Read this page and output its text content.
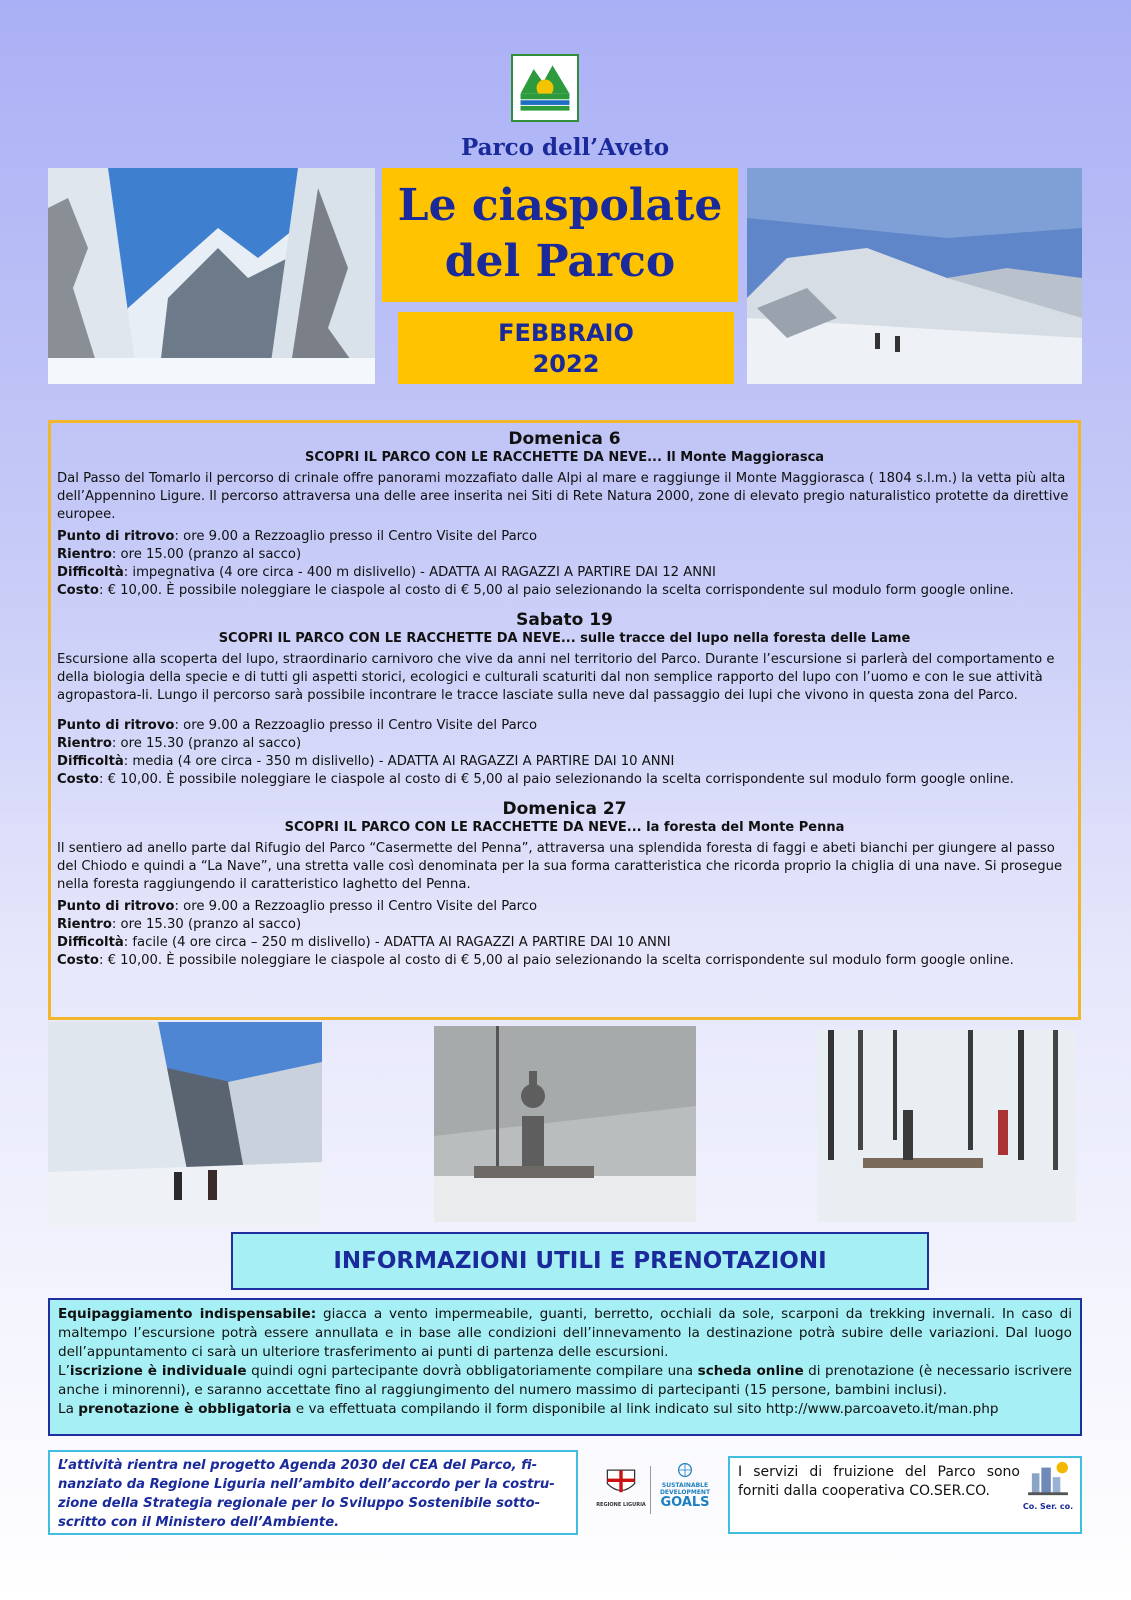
Parco dell’Aveto
Le ciaspolate
del Parco
FEBBRAIO
2022
Domenica 6
SCOPRI IL PARCO CON LE RACCHETTE DA NEVE... Il Monte Maggiorasca
Dal Passo del Tomarlo il percorso di crinale offre panorami mozzafiato dalle Alpi al mare e raggiunge il Monte Maggiorasca ( 1804 s.l.m.) la vetta più alta dell’Appennino Ligure. Il percorso attraversa una delle aree inserita nei Siti di Rete Natura 2000, zone di elevato pregio naturalistico protette da direttive europee.
Punto di ritrovo: ore 9.00 a Rezzoaglio presso il Centro Visite del Parco
Rientro: ore 15.00 (pranzo al sacco)
Difficoltà: impegnativa (4 ore circa - 400 m dislivello) - ADATTA AI RAGAZZI A PARTIRE DAI 12 ANNI
Costo: € 10,00. È possibile noleggiare le ciaspole al costo di € 5,00 al paio selezionando la scelta corrispondente sul modulo form google online.
Sabato 19
SCOPRI IL PARCO CON LE RACCHETTE DA NEVE... sulle tracce del lupo nella foresta delle Lame
Escursione alla scoperta del lupo, straordinario carnivoro che vive da anni nel territorio del Parco. Durante l’escursione si parlerà del comportamento e della biologia della specie e di tutti gli aspetti storici, ecologici e culturali scaturiti dal non semplice rapporto del lupo con l’uomo e con le sue attività agropastora-li. Lungo il percorso sarà possibile incontrare le tracce lasciate sulla neve dal passaggio dei lupi che vivono in questa zona del Parco.
Punto di ritrovo: ore 9.00 a Rezzoaglio presso il Centro Visite del Parco
Rientro: ore 15.30 (pranzo al sacco)
Difficoltà: media (4 ore circa - 350 m dislivello) - ADATTA AI RAGAZZI A PARTIRE DAI 10 ANNI
Costo: € 10,00. È possibile noleggiare le ciaspole al costo di € 5,00 al paio selezionando la scelta corrispondente sul modulo form google online.
Domenica 27
SCOPRI IL PARCO CON LE RACCHETTE DA NEVE... la foresta del Monte Penna
Il sentiero ad anello parte dal Rifugio del Parco “Casermette del Penna”, attraversa una splendida foresta di faggi e abeti bianchi per giungere al passo del Chiodo e quindi a “La Nave”, una stretta valle così denominata per la sua forma caratteristica che ricorda proprio la chiglia di una nave. Si prosegue nella foresta raggiungendo il caratteristico laghetto del Penna.
Punto di ritrovo: ore 9.00 a Rezzoaglio presso il Centro Visite del Parco
Rientro: ore 15.30 (pranzo al sacco)
Difficoltà: facile (4 ore circa – 250 m dislivello) - ADATTA AI RAGAZZI A PARTIRE DAI 10 ANNI
Costo: € 10,00. È possibile noleggiare le ciaspole al costo di € 5,00 al paio selezionando la scelta corrispondente sul modulo form google online.
INFORMAZIONI UTILI E PRENOTAZIONI
Equipaggiamento indispensabile: giacca a vento impermeabile, guanti, berretto, occhiali da sole, scarponi da trekking invernali. In caso di maltempo l’escursione potrà essere annullata e in base alle condizioni dell’innevamento la destinazione potrà subire delle variazioni. Dal luogo dell’appuntamento ci sarà un ulteriore trasferimento ai punti di partenza delle escursioni.
L’iscrizione è individuale quindi ogni partecipante dovrà obbligatoriamente compilare una scheda online di prenotazione (è necessario iscrivere anche i minorenni), e saranno accettate fino al raggiungimento del numero massimo di partecipanti (15 persone, bambini inclusi).
La prenotazione è obbligatoria e va effettuata compilando il form disponibile al link indicato sul sito http://www.parcoaveto.it/man.php
L’attività rientra nel progetto Agenda 2030 del CEA del Parco, fi-nanziato da Regione Liguria nell’ambito dell’accordo per la costru-zione della Strategia regionale per lo Sviluppo Sostenibile sotto-scritto con il Ministero dell’Ambiente.
REGIONE LIGURIA
SUSTAINABLE
DEVELOPMENT
GOALS
I servizi di fruizione del Parco sono forniti dalla cooperativa CO.SER.CO.
Co. Ser. co.
